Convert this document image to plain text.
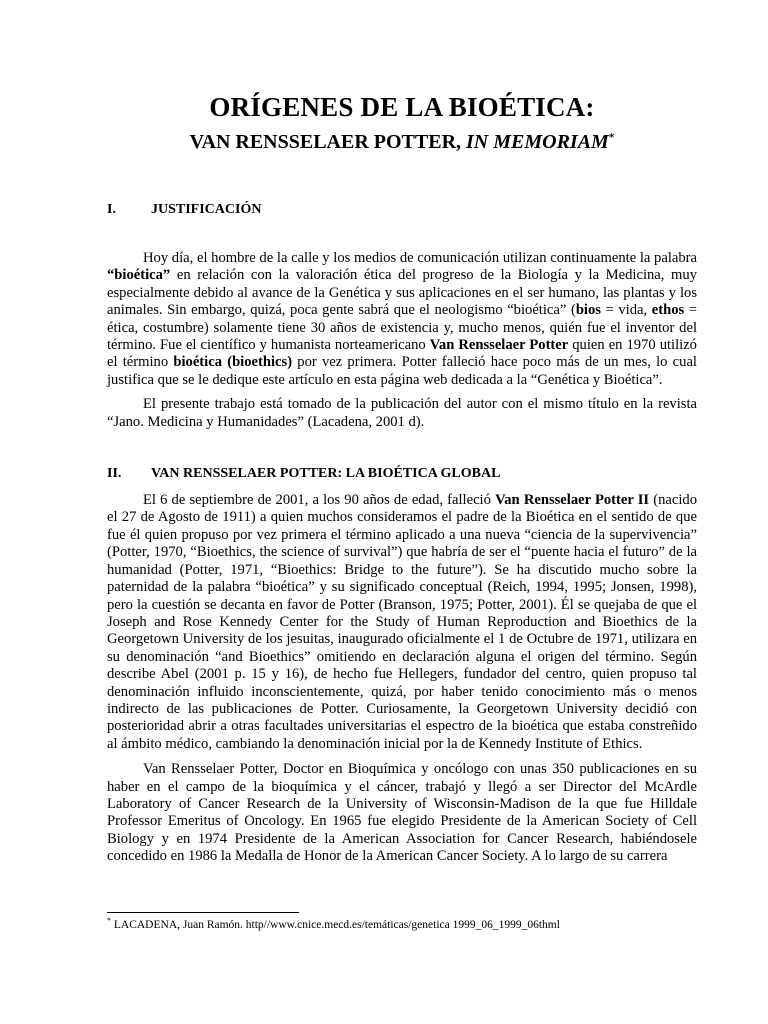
ORÍGENES DE LA BIOÉTICA:
VAN RENSSELAER POTTER, IN MEMORIAM*
I.	JUSTIFICACIÓN

Hoy día, el hombre de la calle y los medios de comunicación utilizan continuamente la palabra “bioética” en relación con la valoración ética del progreso de la Biología y la Medicina, muy especialmente debido al avance de la Genética y sus aplicaciones en el ser humano, las plantas y los animales. Sin embargo, quizá, poca gente sabrá que el neologismo “bioética” (bios = vida, ethos = ética, costumbre) solamente tiene 30 años de existencia y, mucho menos, quién fue el inventor del término. Fue el científico y humanista norteamericano Van Rensselaer Potter quien en 1970 utilizó el término bioética (bioethics) por vez primera. Potter falleció hace poco más de un mes, lo cual justifica que se le dedique este artículo en esta página web dedicada a la “Genética y Bioética”.

El presente trabajo está tomado de la publicación del autor con el mismo título en la revista “Jano. Medicina y Humanidades” (Lacadena, 2001 d).

II.	VAN RENSSELAER POTTER: LA BIOÉTICA GLOBAL

El 6 de septiembre de 2001, a los 90 años de edad, falleció Van Rensselaer Potter II (nacido el 27 de Agosto de 1911) a quien muchos consideramos el padre de la Bioética en el sentido de que fue él quien propuso por vez primera el término aplicado a una nueva “ciencia de la supervivencia” (Potter, 1970, “Bioethics, the science of survival”) que habría de ser el “puente hacia el futuro” de la humanidad (Potter, 1971, “Bioethics: Bridge to the future”). Se ha discutido mucho sobre la paternidad de la palabra “bioética” y su significado conceptual (Reich, 1994, 1995; Jonsen, 1998), pero la cuestión se decanta en favor de Potter (Branson, 1975; Potter, 2001). Él se quejaba de que el Joseph and Rose Kennedy Center for the Study of Human Reproduction and Bioethics de la Georgetown University de los jesuitas, inaugurado oficialmente el 1 de Octubre de 1971, utilizara en su denominación “and Bioethics” omitiendo en declaración alguna el origen del término. Según describe Abel (2001 p. 15 y 16), de hecho fue Hellegers, fundador del centro, quien propuso tal denominación influido inconscientemente, quizá, por haber tenido conocimiento más o menos indirecto de las publicaciones de Potter. Curiosamente, la Georgetown University decidió con posterioridad abrir a otras facultades universitarias el espectro de la bioética que estaba constreñido al ámbito médico, cambiando la denominación inicial por la de Kennedy Institute of Ethics.

Van Rensselaer Potter, Doctor en Bioquímica y oncólogo con unas 350 publicaciones en su haber en el campo de la bioquímica y el cáncer, trabajó y llegó a ser Director del McArdle Laboratory of Cancer Research de la University of Wisconsin-Madison de la que fue Hilldale Professor Emeritus of Oncology. En 1965 fue elegido Presidente de la American Society of Cell Biology y en 1974 Presidente de la American Association for Cancer Research, habiéndosele concedido en 1986 la Medalla de Honor de la American Cancer Society. A lo largo de su carrera

* LACADENA, Juan Ramón. http//www.cnice.mecd.es/temáticas/genetica 1999_06_1999_06thml
